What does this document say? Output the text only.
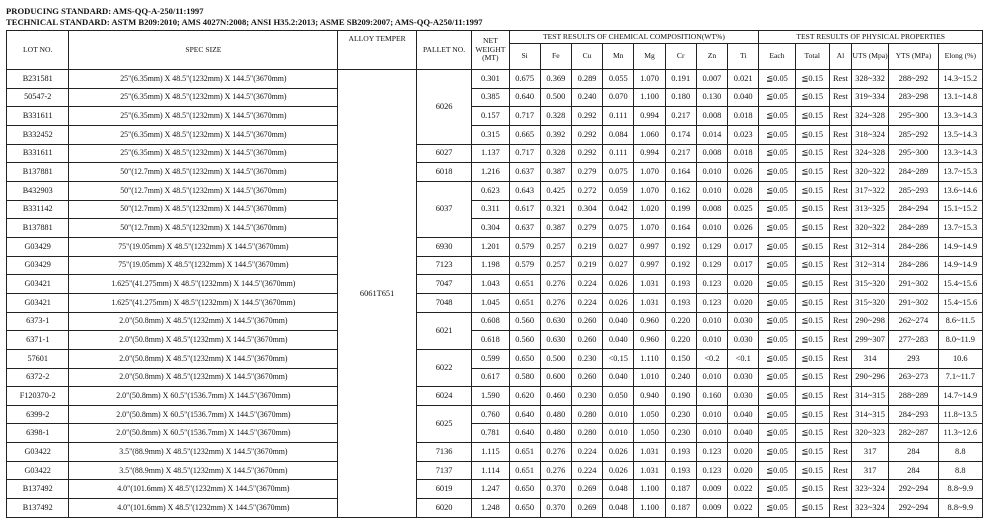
PRODUCING STANDARD: AMS-QQ-A-250/11:1997
TECHNICAL STANDARD: ASTM B209:2010; AMS 4027N:2008; ANSI H35.2:2013; ASME SB209:2007; AMS-QQ-A250/11:1997
LOT NO.	SPEC SIZE	ALLOY TEMPER	PALLET NO.	NET WEIGHT (MT)	TEST RESULTS OF CHEMICAL COMPOSITION(WT%)								TEST RESULTS OF PHYSICAL PROPERTIES					
					Si	Fe	Cu	Mn	Mg	Cr	Zn	Ti	Each	Total	Al	UTS (Mpa)	YTS (MPa)	Elong (%)
B231581	25"(6.35mm) X 48.5"(1232mm) X 144.5"(3670mm)	6061T651	6026	0.301	0.675	0.369	0.289	0.055	1.070	0.191	0.007	0.021	≦0.05	≦0.15	Rest	328~332	288~292	14.3~15.2
50547-2	25"(6.35mm) X 48.5"(1232mm) X 144.5"(3670mm)			0.385	0.640	0.500	0.240	0.070	1.100	0.180	0.130	0.040	≦0.05	≦0.15	Rest	319~334	283~298	13.1~14.8
B331611	25"(6.35mm) X 48.5"(1232mm) X 144.5"(3670mm)			0.157	0.717	0.328	0.292	0.111	0.994	0.217	0.008	0.018	≦0.05	≦0.15	Rest	324~328	295~300	13.3~14.3
B332452	25"(6.35mm) X 48.5"(1232mm) X 144.5"(3670mm)			0.315	0.665	0.392	0.292	0.084	1.060	0.174	0.014	0.023	≦0.05	≦0.15	Rest	318~324	285~292	13.5~14.3
B331611	25"(6.35mm) X 48.5"(1232mm) X 144.5"(3670mm)		6027	1.137	0.717	0.328	0.292	0.111	0.994	0.217	0.008	0.018	≦0.05	≦0.15	Rest	324~328	295~300	13.3~14.3
B137881	50"(12.7mm) X 48.5"(1232mm) X 144.5"(3670mm)		6018	1.216	0.637	0.387	0.279	0.075	1.070	0.164	0.010	0.026	≦0.05	≦0.15	Rest	320~322	284~289	13.7~15.3
B432903	50"(12.7mm) X 48.5"(1232mm) X 144.5"(3670mm)		6037	0.623	0.643	0.425	0.272	0.059	1.070	0.162	0.010	0.028	≦0.05	≦0.15	Rest	317~322	285~293	13.6~14.6
B331142	50"(12.7mm) X 48.5"(1232mm) X 144.5"(3670mm)			0.311	0.617	0.321	0.304	0.042	1.020	0.199	0.008	0.025	≦0.05	≦0.15	Rest	313~325	284~294	15.1~15.2
B137881	50"(12.7mm) X 48.5"(1232mm) X 144.5"(3670mm)			0.304	0.637	0.387	0.279	0.075	1.070	0.164	0.010	0.026	≦0.05	≦0.15	Rest	320~322	284~289	13.7~15.3
G03429	75"(19.05mm) X 48.5"(1232mm) X 144.5"(3670mm)		6930	1.201	0.579	0.257	0.219	0.027	0.997	0.192	0.129	0.017	≦0.05	≦0.15	Rest	312~314	284~286	14.9~14.9
G03429	75"(19.05mm) X 48.5"(1232mm) X 144.5"(3670mm)		7123	1.198	0.579	0.257	0.219	0.027	0.997	0.192	0.129	0.017	≦0.05	≦0.15	Rest	312~314	284~286	14.9~14.9
G03421	1.625"(41.275mm) X 48.5"(1232mm) X 144.5"(3670mm)		7047	1.043	0.651	0.276	0.224	0.026	1.031	0.193	0.123	0.020	≦0.05	≦0.15	Rest	315~320	291~302	15.4~15.6
G03421	1.625"(41.275mm) X 48.5"(1232mm) X 144.5"(3670mm)		7048	1.045	0.651	0.276	0.224	0.026	1.031	0.193	0.123	0.020	≦0.05	≦0.15	Rest	315~320	291~302	15.4~15.6
6373-1	2.0"(50.8mm) X 48.5"(1232mm) X 144.5"(3670mm)		6021	0.608	0.560	0.630	0.260	0.040	0.960	0.220	0.010	0.030	≦0.05	≦0.15	Rest	290~298	262~274	8.6~11.5
6371-1	2.0"(50.8mm) X 48.5"(1232mm) X 144.5"(3670mm)			0.618	0.560	0.630	0.260	0.040	0.960	0.220	0.010	0.030	≦0.05	≦0.15	Rest	299~307	277~283	8.0~11.9
57601	2.0"(50.8mm) X 48.5"(1232mm) X 144.5"(3670mm)		6022	0.599	0.650	0.500	0.230	<0.15	1.110	0.150	<0.2	<0.1	≦0.05	≦0.15	Rest	314	293	10.6
6372-2	2.0"(50.8mm) X 48.5"(1232mm) X 144.5"(3670mm)			0.617	0.580	0.600	0.260	0.040	1.010	0.240	0.010	0.030	≦0.05	≦0.15	Rest	290~296	263~273	7.1~11.7
F120370-2	2.0"(50.8mm) X 60.5"(1536.7mm) X 144.5"(3670mm)		6024	1.590	0.620	0.460	0.230	0.050	0.940	0.190	0.160	0.030	≦0.05	≦0.15	Rest	314~315	288~289	14.7~14.9
6399-2	2.0"(50.8mm) X 60.5"(1536.7mm) X 144.5"(3670mm)		6025	0.760	0.640	0.480	0.280	0.010	1.050	0.230	0.010	0.040	≦0.05	≦0.15	Rest	314~315	284~293	11.8~13.5
6398-1	2.0"(50.8mm) X 60.5"(1536.7mm) X 144.5"(3670mm)			0.781	0.640	0.480	0.280	0.010	1.050	0.230	0.010	0.040	≦0.05	≦0.15	Rest	320~323	282~287	11.3~12.6
G03422	3.5"(88.9mm) X 48.5"(1232mm) X 144.5"(3670mm)		7136	1.115	0.651	0.276	0.224	0.026	1.031	0.193	0.123	0.020	≦0.05	≦0.15	Rest	317	284	8.8
G03422	3.5"(88.9mm) X 48.5"(1232mm) X 144.5"(3670mm)		7137	1.114	0.651	0.276	0.224	0.026	1.031	0.193	0.123	0.020	≦0.05	≦0.15	Rest	317	284	8.8
B137492	4.0"(101.6mm) X 48.5"(1232mm) X 144.5"(3670mm)		6019	1.247	0.650	0.370	0.269	0.048	1.100	0.187	0.009	0.022	≦0.05	≦0.15	Rest	323~324	292~294	8.8~9.9
B137492	4.0"(101.6mm) X 48.5"(1232mm) X 144.5"(3670mm)		6020	1.248	0.650	0.370	0.269	0.048	1.100	0.187	0.009	0.022	≦0.05	≦0.15	Rest	323~324	292~294	8.8~9.9
